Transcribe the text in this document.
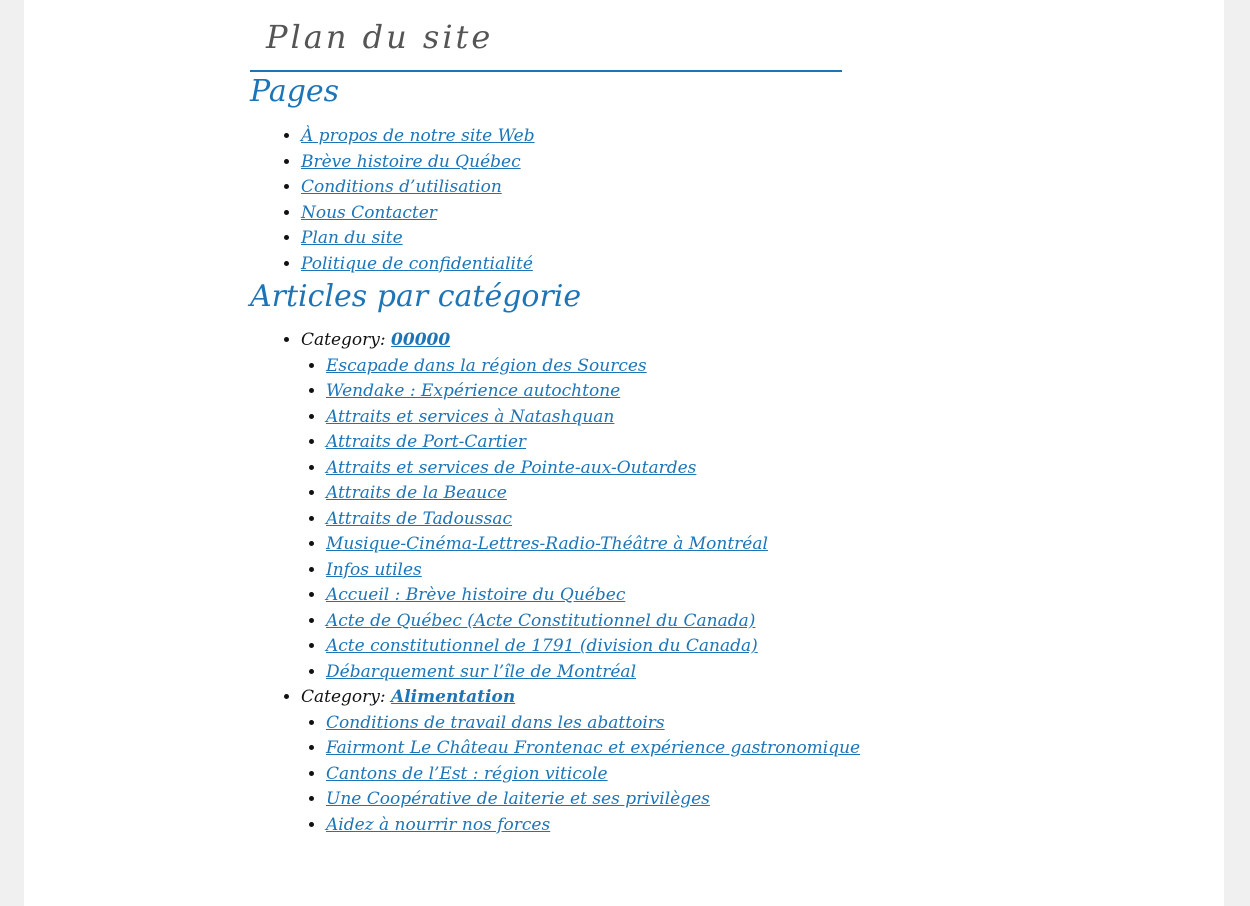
Plan du site
Pages
• À propos de notre site Web
• Brève histoire du Québec
• Conditions d’utilisation
• Nous Contacter
• Plan du site
• Politique de confidentialité
Articles par catégorie
• Category: 00000
• Escapade dans la région des Sources
• Wendake : Expérience autochtone
• Attraits et services à Natashquan
• Attraits de Port-Cartier
• Attraits et services de Pointe-aux-Outardes
• Attraits de la Beauce
• Attraits de Tadoussac
• Musique-Cinéma-Lettres-Radio-Théâtre à Montréal
• Infos utiles
• Accueil : Brève histoire du Québec
• Acte de Québec (Acte Constitutionnel du Canada)
• Acte constitutionnel de 1791 (division du Canada)
• Débarquement sur l’île de Montréal
• Category: Alimentation
• Conditions de travail dans les abattoirs
• Fairmont Le Château Frontenac et expérience gastronomique
• Cantons de l’Est : région viticole
• Une Coopérative de laiterie et ses privilèges
• Aidez à nourrir nos forces
